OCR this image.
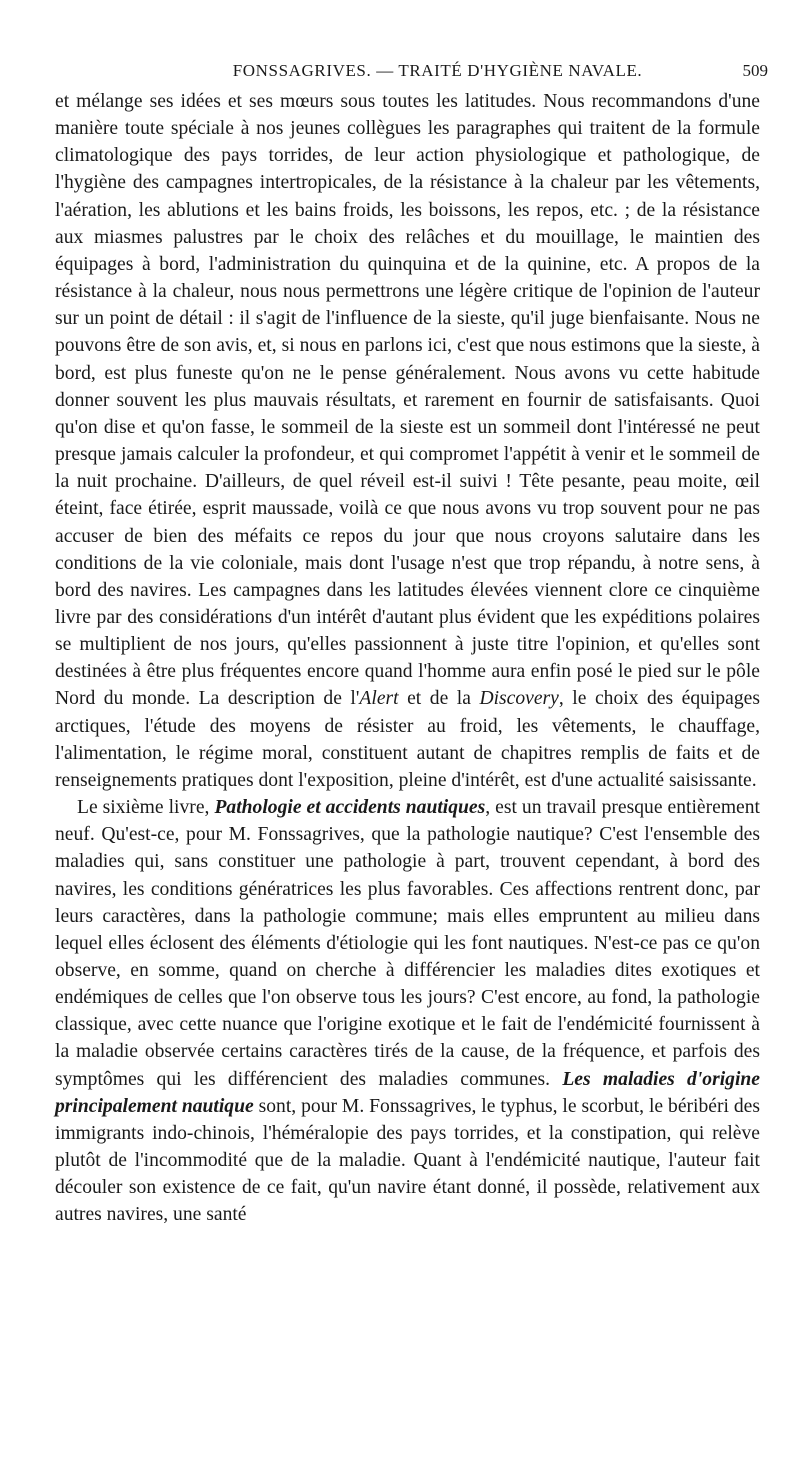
FONSSAGRIVES. — TRAITÉ D'HYGIÈNE NAVALE.	509

et mélange ses idées et ses mœurs sous toutes les latitudes. Nous recommandons d'une manière toute spéciale à nos jeunes collègues les paragraphes qui traitent de la formule climatologique des pays torrides, de leur action physiologique et pathologique, de l'hygiène des campagnes intertropicales, de la résistance à la chaleur par les vêtements, l'aération, les ablutions et les bains froids, les boissons, les repos, etc. ; de la résistance aux miasmes palustres par le choix des relâches et du mouillage, le maintien des équipages à bord, l'administration du quinquina et de la quinine, etc. A propos de la résistance à la chaleur, nous nous permettrons une légère critique de l'opinion de l'auteur sur un point de détail : il s'agit de l'influence de la sieste, qu'il juge bienfaisante. Nous ne pouvons être de son avis, et, si nous en parlons ici, c'est que nous estimons que la sieste, à bord, est plus funeste qu'on ne le pense généralement. Nous avons vu cette habitude donner souvent les plus mauvais résultats, et rarement en fournir de satisfaisants. Quoi qu'on dise et qu'on fasse, le sommeil de la sieste est un sommeil dont l'intéressé ne peut presque jamais calculer la profondeur, et qui compromet l'appétit à venir et le sommeil de la nuit prochaine. D'ailleurs, de quel réveil est-il suivi ! Tête pesante, peau moite, œil éteint, face étirée, esprit maussade, voilà ce que nous avons vu trop souvent pour ne pas accuser de bien des méfaits ce repos du jour que nous croyons salutaire dans les conditions de la vie coloniale, mais dont l'usage n'est que trop répandu, à notre sens, à bord des navires. Les campagnes dans les latitudes élevées viennent clore ce cinquième livre par des considérations d'un intérêt d'autant plus évident que les expéditions polaires se multiplient de nos jours, qu'elles passionnent à juste titre l'opinion, et qu'elles sont destinées à être plus fréquentes encore quand l'homme aura enfin posé le pied sur le pôle Nord du monde. La description de l'Alert et de la Discovery, le choix des équipages arctiques, l'étude des moyens de résister au froid, les vêtements, le chauffage, l'alimentation, le régime moral, constituent autant de chapitres remplis de faits et de renseignements pratiques dont l'exposition, pleine d'intérêt, est d'une actualité saisissante.

Le sixième livre, Pathologie et accidents nautiques, est un travail presque entièrement neuf. Qu'est-ce, pour M. Fonssagrives, que la pathologie nautique? C'est l'ensemble des maladies qui, sans constituer une pathologie à part, trouvent cependant, à bord des navires, les conditions génératrices les plus favorables. Ces affections rentrent donc, par leurs caractères, dans la pathologie commune; mais elles empruntent au milieu dans lequel elles éclosent des éléments d'étiologie qui les font nautiques. N'est-ce pas ce qu'on observe, en somme, quand on cherche à différencier les maladies dites exotiques et endémiques de celles que l'on observe tous les jours? C'est encore, au fond, la pathologie classique, avec cette nuance que l'origine exotique et le fait de l'endémicité fournissent à la maladie observée certains caractères tirés de la cause, de la fréquence, et parfois des symptômes qui les différencient des maladies communes. Les maladies d'origine principalement nautique sont, pour M. Fonssagrives, le typhus, le scorbut, le béribéri des immigrants indo-chinois, l'héméralopie des pays torrides, et la constipation, qui relève plutôt de l'incommodité que de la maladie. Quant à l'endémicité nautique, l'auteur fait découler son existence de ce fait, qu'un navire étant donné, il possède, relativement aux autres navires, une santé
